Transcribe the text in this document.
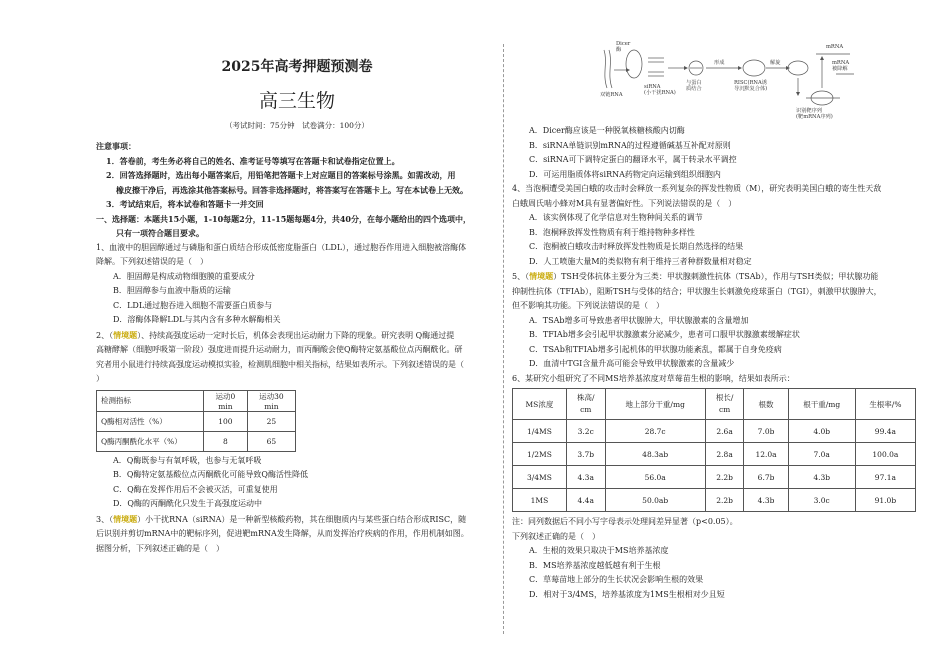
2025年高考押题预测卷
高三生物
（考试时间：75分钟　试卷满分：100分）

注意事项：

1．答卷前，考生务必将自己的姓名、准考证号等填写在答题卡和试卷指定位置上。

2．回答选择题时，选出每小题答案后，用铅笔把答题卡上对应题目的答案标号涂黑。如需改动，用

橡皮擦干净后，再选涂其他答案标号。回答非选择题时，将答案写在答题卡上。写在本试卷上无效。

3．考试结束后，将本试卷和答题卡一并交回

一、选择题：本题共15小题，1-10每题2分，11-15题每题4分，共40分，在每小题给出的四个选项中，

只有一项符合题目要求。

1、血液中的胆固醇通过与磷脂和蛋白质结合形成低密度脂蛋白（LDL），通过胞吞作用进入细胞被溶酶体

降解。下列叙述错误的是（　）

A．胆固醇是构成动物细胞膜的重要成分

B．胆固醇参与血液中脂质的运输

C．LDL通过胞吞进入细胞不需要蛋白质参与

D．溶酶体降解LDL与其内含有多种水解酶相关

2、（情境题）、持续高强度运动一定时长后，机体会表现出运动耐力下降的现象。研究表明 Q酶通过提

高糖酵解（细胞呼吸第一阶段）强度进而提升运动耐力，而丙酮酸会使Q酶特定氨基酸位点丙酮酰化。研

究者用小鼠进行持续高强度运动模拟实验，检测肌细胞中相关指标，结果如表所示。下列叙述错误的是（

）

检测指标	运动0 min	运动30 min
Q酶相对活性（%）	100	25
Q酶丙酮酰化水平（%）	8	65

A．Q酶既参与有氧呼吸，也参与无氧呼吸

B．Q酶特定氨基酸位点丙酮酰化可能导致Q酶活性降低

C．Q酶在发挥作用后不会被灭活，可重复使用

D．Q酶的丙酮酰化只发生于高强度运动中

3、（情境题）小干扰RNA（siRNA）是一种新型核酸药物，其在细胞质内与某些蛋白结合形成RISC，随

后识别并剪切mRNA中的靶标序列，促进靶mRNA发生降解，从而发挥治疗疾病的作用，作用机制如图。

据图分析，下列叙述正确的是（　）

双链RNA
Dicer
酶
siRNA
(小干扰RNA)
与蛋白
质结合
形成
RISC(RNA诱
导沉默复合体)
解旋
识别靶序列
(靶mRNA序列)
mRNA
mRNA
被降解

A．Dicer酶应该是一种脱氧核糖核酸内切酶

B．siRNA单链识别mRNA的过程遵循碱基互补配对原则

C．siRNA可下调特定蛋白的翻译水平，属于转录水平调控

D．可运用脂质体将siRNA药物定向运输到组织细胞内

4、当泡桐遭受美国白蛾的攻击时会释放一系列复杂的挥发性物质（M），研究表明美国白蛾的寄生性天敌

白蛾周氏啮小蜂对M具有显著偏好性。下列说法错误的是（　）

A．该实例体现了化学信息对生物种间关系的调节

B．泡桐释放挥发性物质有利于维持物种多样性

C．泡桐被白蛾攻击时释放挥发性物质是长期自然选择的结果

D．人工喷施大量M的类似物有利于维持三者种群数量相对稳定

5、（情境题）TSH受体抗体主要分为三类：甲状腺刺激性抗体（TSAb），作用与TSH类似；甲状腺功能

抑制性抗体（TFIAb），阻断TSH与受体的结合；甲状腺生长刺激免疫球蛋白（TGI），刺激甲状腺肿大，

但不影响其功能。下列说法错误的是（　）

A．TSAb增多可导致患者甲状腺肿大，甲状腺激素的含量增加

B．TFIAb增多会引起甲状腺激素分泌减少，患者可口服甲状腺激素缓解症状

C．TSAb和TFIAb增多引起机体的甲状腺功能紊乱，都属于自身免疫病

D．血清中TGI含量升高可能会导致甲状腺激素的含量减少

6、某研究小组研究了不同MS培养基浓度对草莓苗生根的影响，结果如表所示：

MS浓度	株高/
cm	地上部分干重/mg	根长/
cm	根数	根干重/mg	生根率/%
1/4MS	3.2c	28.7c	2.6a	7.0b	4.0b	99.4a
1/2MS	3.7b	48.3ab	2.8a	12.0a	7.0a	100.0a
3/4MS	4.3a	56.0a	2.2b	6.7b	4.3b	97.1a
1MS	4.4a	50.0ab	2.2b	4.3b	3.0c	91.0b

注：同列数据后不同小写字母表示处理间差异显著（p<0.05）。

下列叙述正确的是（　）

A．生根的效果只取决于MS培养基浓度

B．MS培养基浓度越低越有利于生根

C．草莓苗地上部分的生长状况会影响生根的效果

D．相对于3/4MS，培养基浓度为1MS生根相对少且短
